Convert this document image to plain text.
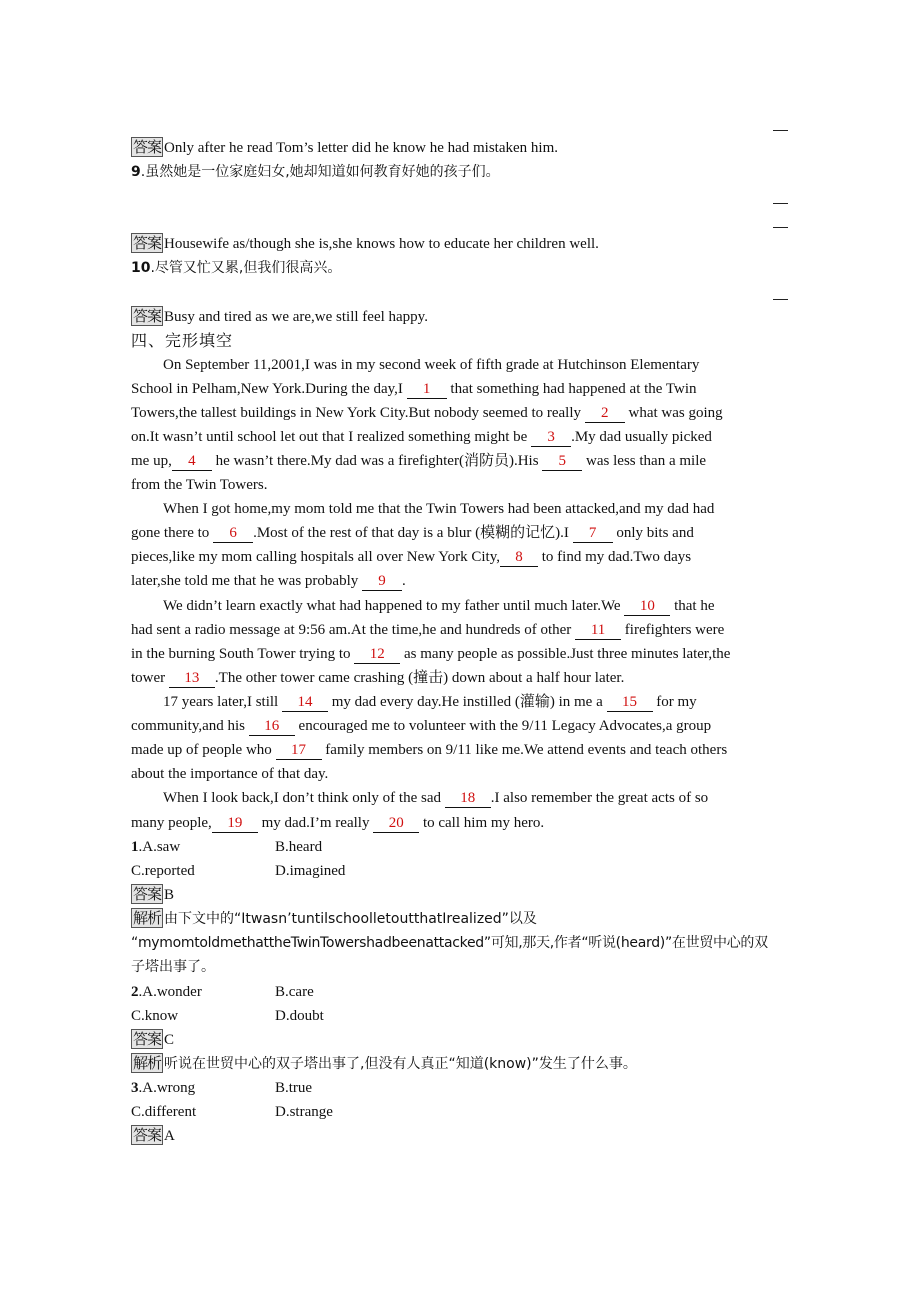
答案 Only after he read Tom’s letter did he know he had mistaken him.
9.虽然她是一位家庭妇女,她却知道如何教育好她的孩子们。
答案 Housewife as/though she is,she knows how to educate her children well.
10.尽管又忙又累,但我们很高兴。
答案 Busy and tired as we are,we still feel happy.
四、完形填空
On September 11,2001,I was in my second week of fifth grade at Hutchinson Elementary
School in Pelham,New York.During the day,I 1 that something had happened at the Twin
Towers,the tallest buildings in New York City.But nobody seemed to really 2 what was going
on.It wasn’t until school let out that I realized something might be 3 .My dad usually picked
me up, 4 he wasn’t there.My dad was a firefighter(消防员).His 5 was less than a mile
from the Twin Towers.
When I got home,my mom told me that the Twin Towers had been attacked,and my dad had
gone there to 6 .Most of the rest of that day is a blur (模糊的记忆).I 7 only bits and
pieces,like my mom calling hospitals all over New York City, 8 to find my dad.Two days
later,she told me that he was probably 9 .
We didn’t learn exactly what had happened to my father until much later.We 10 that he
had sent a radio message at 9:56 am.At the time,he and hundreds of other 11 firefighters were
in the burning South Tower trying to 12 as many people as possible.Just three minutes later,the
tower 13 .The other tower came crashing (撞击) down about a half hour later.
17 years later,I still 14 my dad every day.He instilled (灌输) in me a 15 for my
community,and his 16 encouraged me to volunteer with the 9/11 Legacy Advocates,a group
made up of people who 17 family members on 9/11 like me.We attend events and teach others
about the importance of that day.
When I look back,I don’t think only of the sad 18 .I also remember the great acts of so
many people, 19 my dad.I’m really 20 to call him my hero.
1.A.saw	B.heard
C.reported	D.imagined
答案 B
解析 由下文中的“Itwasn’tuntilschoolletoutthatIrealized”以及
“mymomtoldmethattheTwinTowershadbeenattacked”可知,那天,作者“听说(heard)”在世贸中心的双
子塔出事了。
2.A.wonder	B.care
C.know	D.doubt
答案 C
解析 听说在世贸中心的双子塔出事了,但没有人真正“知道(know)”发生了什么事。
3.A.wrong	B.true
C.different	D.strange
答案 A
